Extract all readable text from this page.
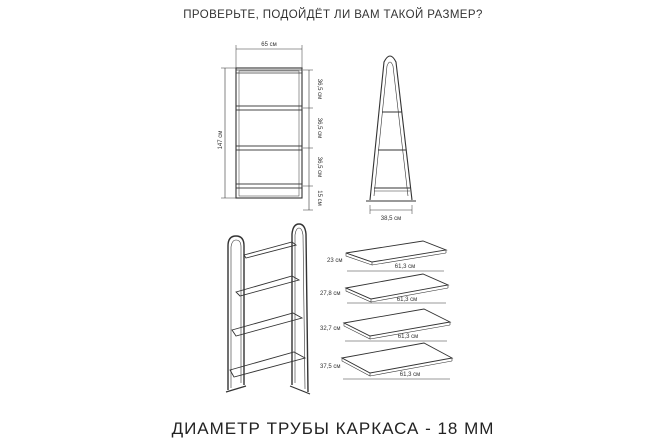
ПРОВЕРЬТЕ, ПОДОЙДЁТ ЛИ ВАМ ТАКОЙ РАЗМЕР?
65 см
147 см
36,5 см
36,5 см
36,5 см
15 см
38,5 см
23 см
61,3 см
27,8 см
61,3 см
32,7 см
61,3 см
37,5 см
61,3 см
ДИАМЕТР ТРУБЫ КАРКАСА - 18 ММ
